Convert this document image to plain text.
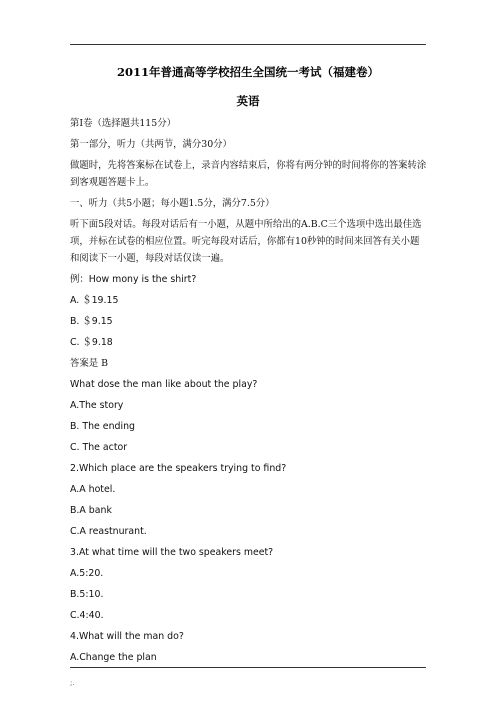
2011年普通高等学校招生全国统一考试（福建卷）
英语
第Ⅰ卷（选择题共115分）
第一部分，听力（共两节，满分30分）
做题时，先将答案标在试卷上，录音内容结束后，你将有两分钟的时间将你的答案转涂到客观题答题卡上。
一、听力（共5小题；每小题1.5分，满分7.5分）
听下面5段对话。每段对话后有一小题，从题中所给出的A.B.C三个选项中选出最佳选项，并标在试卷的相应位置。听完每段对话后，你都有10秒钟的时间来回答有关小题和阅读下一小题，每段对话仅读一遍。
例：How mony is the shirt?
A. ＄19.15
B. ＄9.15
C. ＄9.18
答案是 B
What dose the man like about the play?
A.The story
B. The ending
C. The actor
2.Which place are the speakers trying to find?
A.A hotel.
B.A bank
C.A reastnurant.
3.At what time will the two speakers meet?
A.5:20.
B.5:10.
C.4:40.
4.What will the man do?
A.Change the plan
;.
